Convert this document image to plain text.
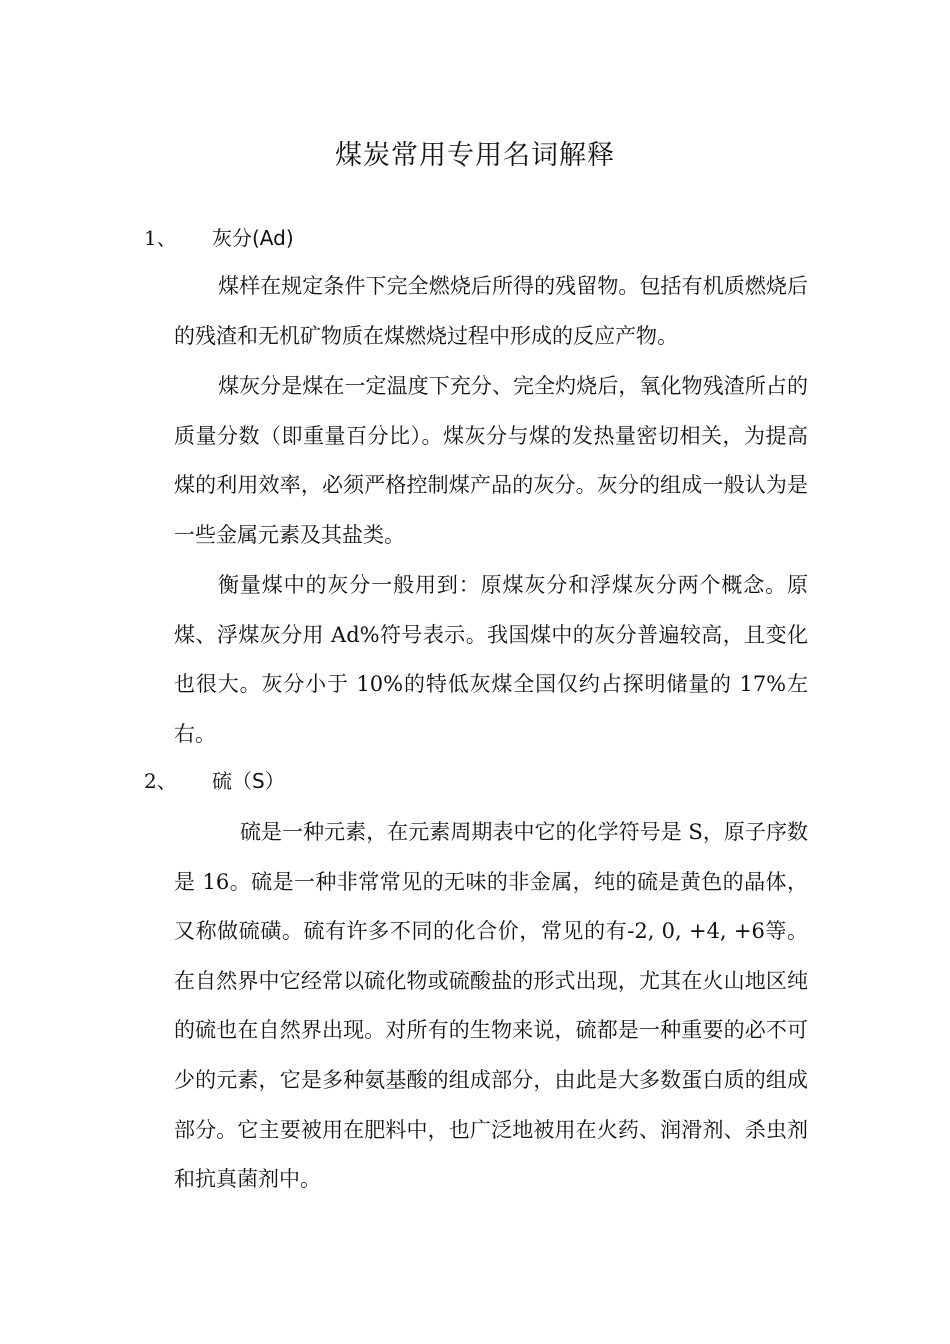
煤炭常用专用名词解释
1、	灰分(Ad)

煤样在规定条件下完全燃烧后所得的残留物。包括有机质燃烧后的残渣和无机矿物质在煤燃烧过程中形成的反应产物。

煤灰分是煤在一定温度下充分、完全灼烧后，氧化物残渣所占的质量分数（即重量百分比）。煤灰分与煤的发热量密切相关，为提高煤的利用效率，必须严格控制煤产品的灰分。灰分的组成一般认为是一些金属元素及其盐类。

衡量煤中的灰分一般用到：原煤灰分和浮煤灰分两个概念。原煤、浮煤灰分用 Ad%符号表示。我国煤中的灰分普遍较高，且变化也很大。灰分小于 10%的特低灰煤全国仅约占探明储量的 17%左右。

2、	硫（S）

硫是一种元素，在元素周期表中它的化学符号是 S，原子序数是 16。硫是一种非常常见的无味的非金属，纯的硫是黄色的晶体，又称做硫磺。硫有许多不同的化合价，常见的有-2, 0, +4, +6等。在自然界中它经常以硫化物或硫酸盐的形式出现，尤其在火山地区纯的硫也在自然界出现。对所有的生物来说，硫都是一种重要的必不可少的元素，它是多种氨基酸的组成部分，由此是大多数蛋白质的组成部分。它主要被用在肥料中，也广泛地被用在火药、润滑剂、杀虫剂和抗真菌剂中。
